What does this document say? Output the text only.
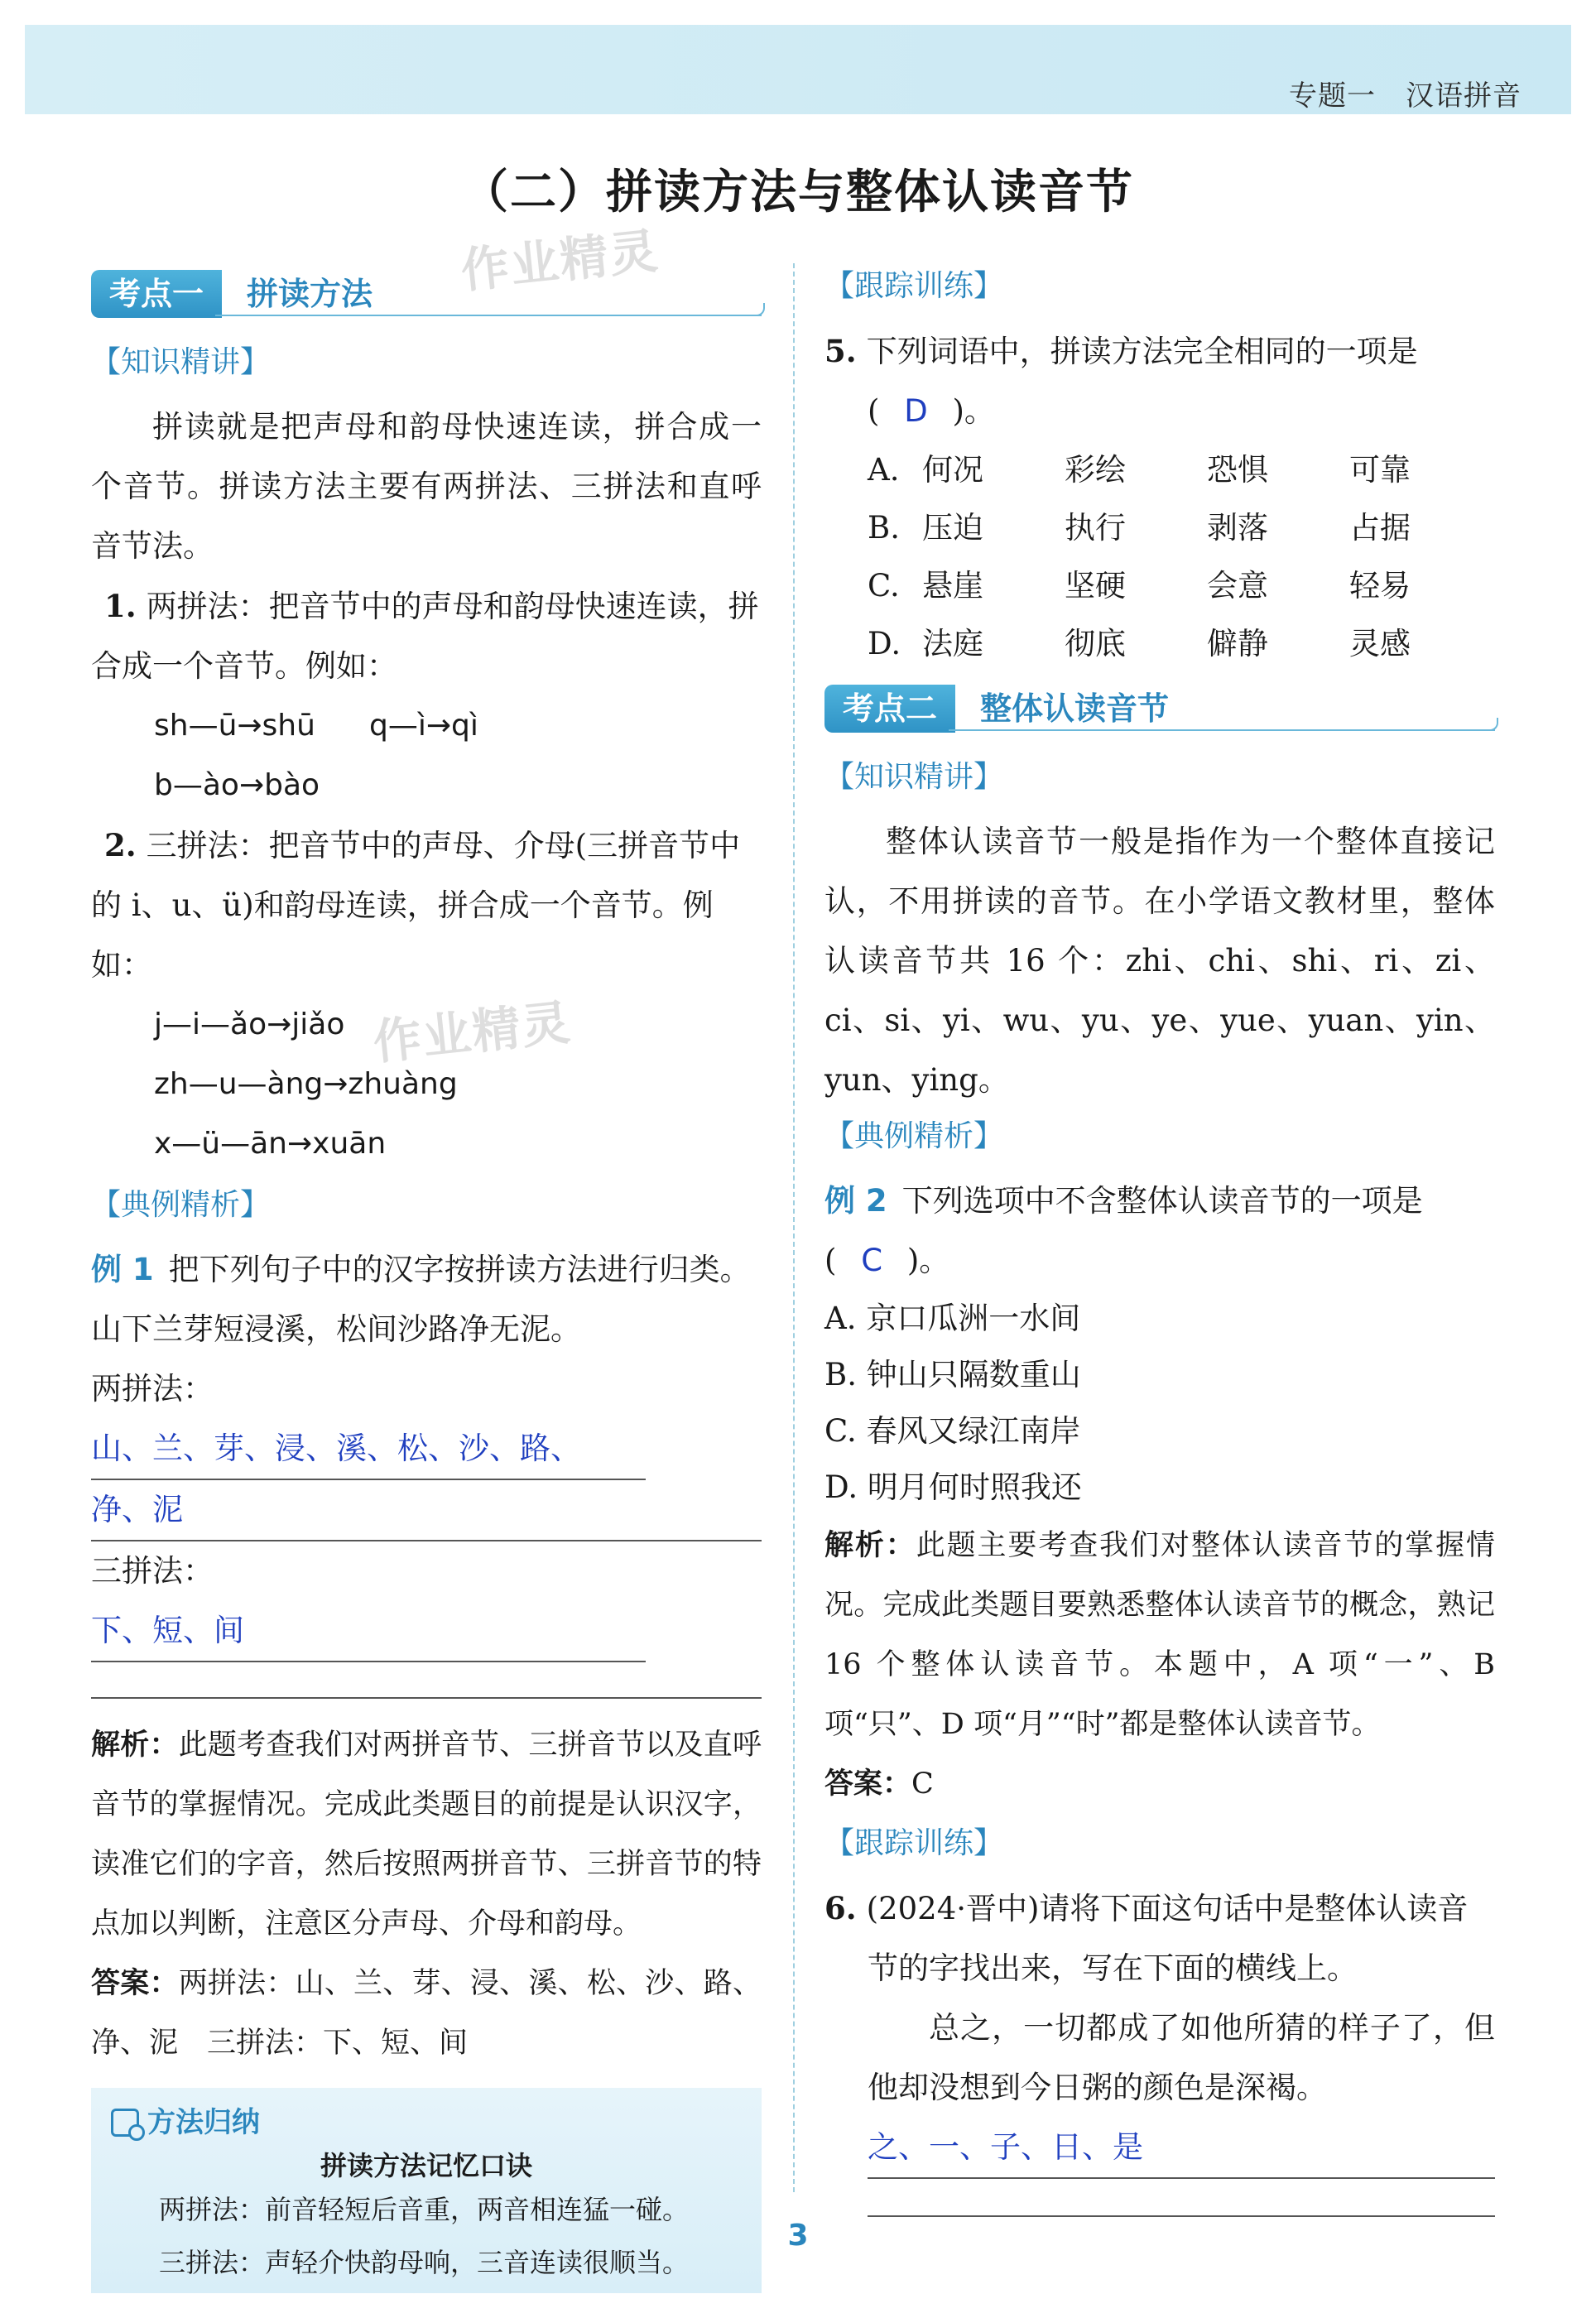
专题一 汉语拼音
（二）拼读方法与整体认读音节
作业精灵
作业精灵
考点一	拼读方法
【知识精讲】

拼读就是把声母和韵母快速连读，拼合成一个音节。拼读方法主要有两拼法、三拼法和直呼音节法。

1. 两拼法：把音节中的声母和韵母快速连读，拼合成一个音节。例如：

sh—ū→shū q—ì→qìb—ào→bào

2. 三拼法：把音节中的声母、介母(三拼音节中的 i、u、ü)和韵母连读，拼合成一个音节。例如：

j—i—ǎo→jiǎo
zh—u—àng→zhuàng
x—ü—ān→xuān
【典例精析】

例 1 把下列句子中的汉字按拼读方法进行归类。

山下兰芽短浸溪，松间沙路净无泥。

两拼法：山、兰、芽、浸、溪、松、沙、路、

净、泥

三拼法：下、短、间

解析：此题考查我们对两拼音节、三拼音节以及直呼音节的掌握情况。完成此类题目的前提是认识汉字，读准它们的字音，然后按照两拼音节、三拼音节的特点加以判断，注意区分声母、介母和韵母。

答案：两拼法：山、兰、芽、浸、溪、松、沙、路、净、泥　三拼法：下、短、间

方法归纳
拼读方法记忆口诀
两拼法：前音轻短后音重，两音相连猛一碰。
三拼法：声轻介快韵母响，三音连读很顺当。
【跟踪训练】

5. 下列词语中，拼读方法完全相同的一项是

( D )。

A. 何况	彩绘	恐惧	可靠
B. 压迫	执行	剥落	占据
C. 悬崖	坚硬	会意	轻易
D. 法庭	彻底	僻静	灵感
考点二	整体认读音节
【知识精讲】

整体认读音节一般是指作为一个整体直接记认，不用拼读的音节。在小学语文教材里，整体认读音节共 16 个：zhi、chi、shi、ri、zi、ci、si、yi、wu、yu、ye、yue、yuan、yin、yun、ying。

【典例精析】

例 2 下列选项中不含整体认读音节的一项是

( C )。

A. 京口瓜洲一水间

B. 钟山只隔数重山

C. 春风又绿江南岸

D. 明月何时照我还

解析：此题主要考查我们对整体认读音节的掌握情况。完成此类题目要熟悉整体认读音节的概念，熟记 16 个整体认读音节。本题中，A 项“一”、B 项“只”、D 项“月”“时”都是整体认读音节。

答案：C

【跟踪训练】

6. (2024·晋中)请将下面这句话中是整体认读音节的字找出来，写在下面的横线上。

总之，一切都成了如他所猜的样子了，但他却没想到今日粥的颜色是深褐。

之、一、子、日、是

3
